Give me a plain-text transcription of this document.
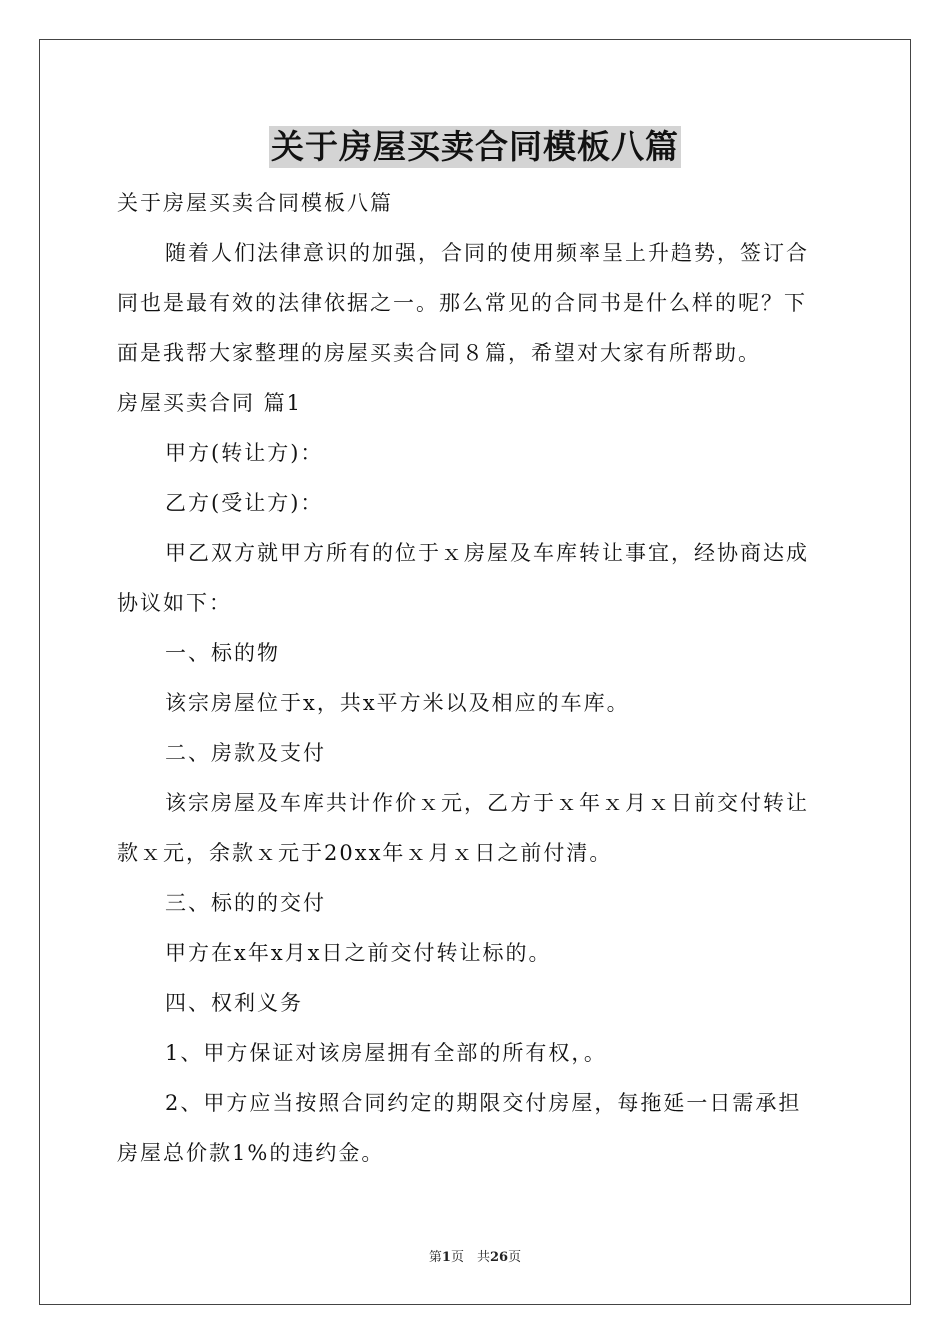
关于房屋买卖合同模板八篇

关于房屋买卖合同模板八篇

随着人们法律意识的加强，合同的使用频率呈上升趋势，签订合

同也是最有效的法律依据之一。那么常见的合同书是什么样的呢？下

面是我帮大家整理的房屋买卖合同８篇，希望对大家有所帮助。

房屋买卖合同 篇1

甲方(转让方)：

乙方(受让方)：

甲乙双方就甲方所有的位于ｘ房屋及车库转让事宜，经协商达成

协议如下：

一、标的物

该宗房屋位于x，共x平方米以及相应的车库。

二、房款及支付

该宗房屋及车库共计作价ｘ元，乙方于ｘ年ｘ月ｘ日前交付转让

款ｘ元，余款ｘ元于20xx年ｘ月ｘ日之前付清。

三、标的的交付

甲方在x年x月x日之前交付转让标的。

四、权利义务

1、甲方保证对该房屋拥有全部的所有权，。

2、甲方应当按照合同约定的期限交付房屋，每拖延一日需承担

房屋总价款1%的违约金。

第1页　共26页
